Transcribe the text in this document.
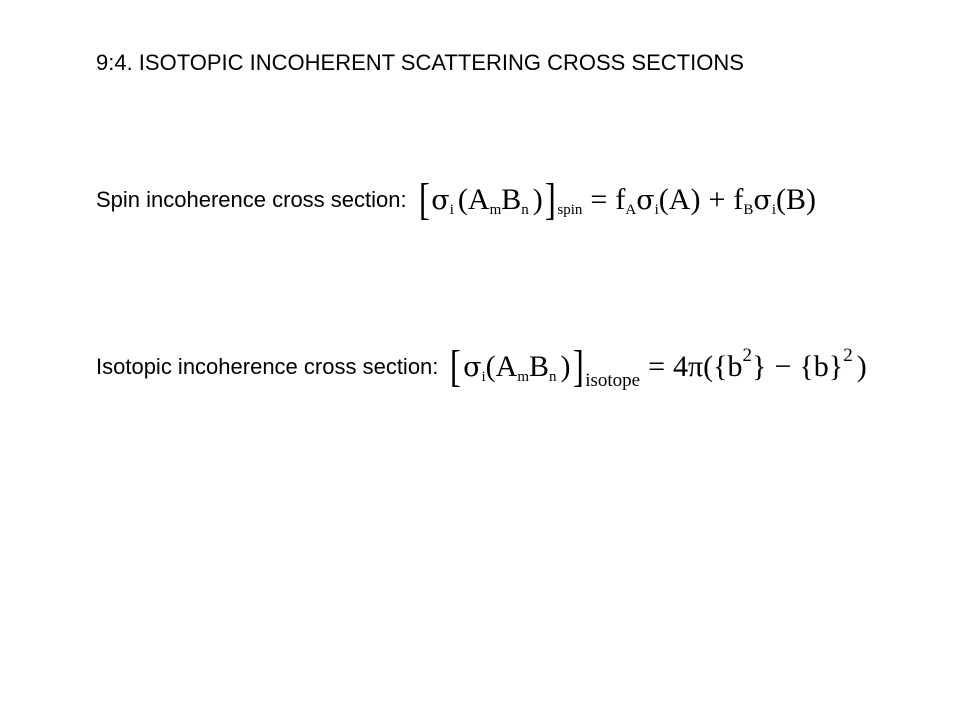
9:4. ISOTOPIC INCOHERENT SCATTERING CROSS SECTIONS
Spin incoherence cross section: [ σ i ( A m B n ) ] spin = f A σ i (A) + f B σ i (B)
Isotopic incoherence cross section: [ σ i ( A m B n ) ] isotope = 4π ({b 2 } − {b} 2 )
